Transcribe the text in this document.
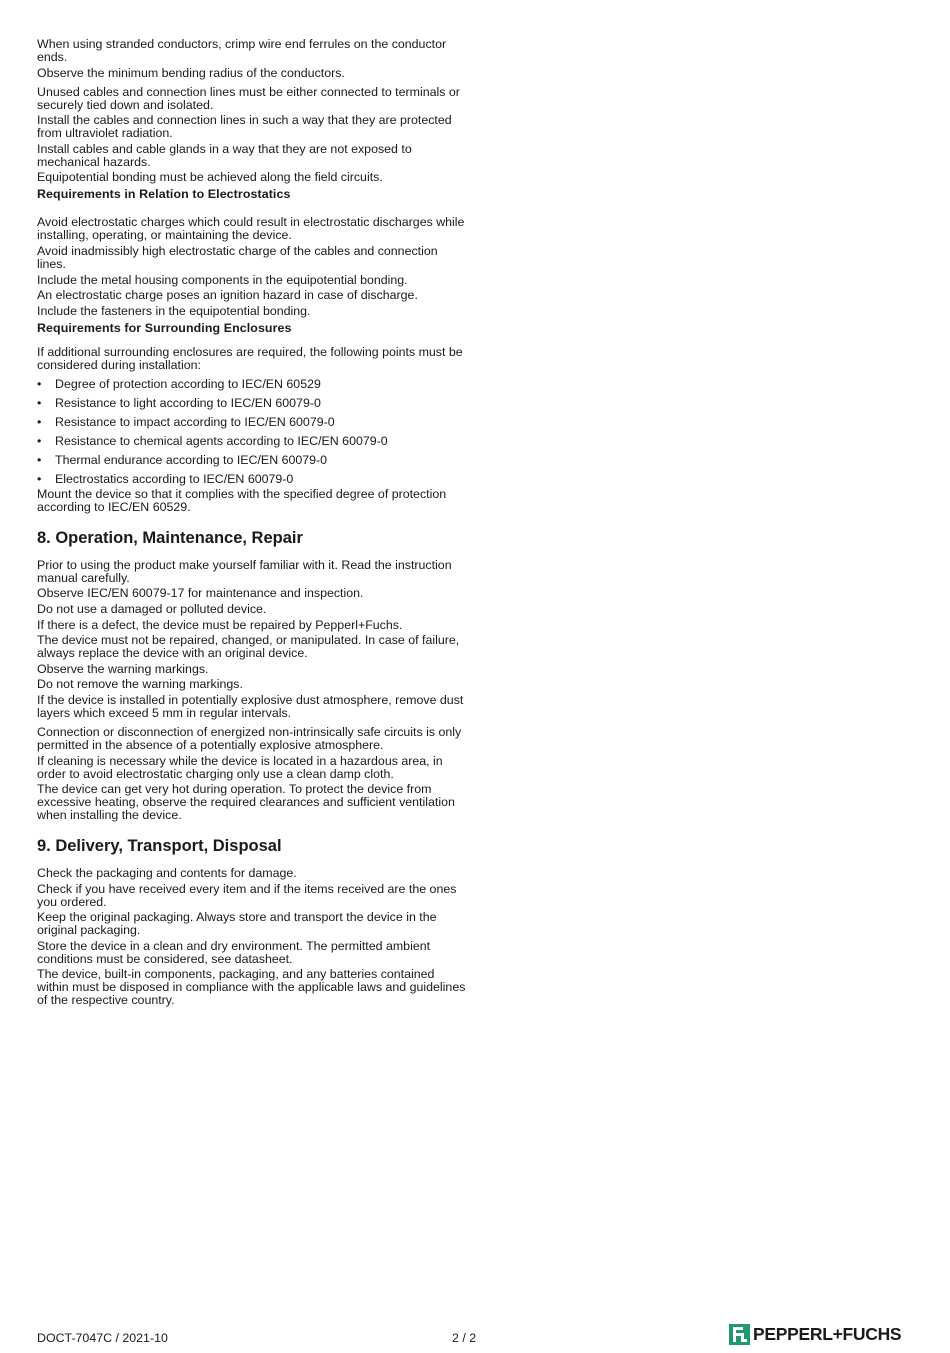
When using stranded conductors, crimp wire end ferrules on the conductor ends.

Observe the minimum bending radius of the conductors.

Unused cables and connection lines must be either connected to terminals or securely tied down and isolated.

Install the cables and connection lines in such a way that they are protected from ultraviolet radiation.

Install cables and cable glands in a way that they are not exposed to mechanical hazards.

Equipotential bonding must be achieved along the field circuits.

Requirements in Relation to Electrostatics

Avoid electrostatic charges which could result in electrostatic discharges while installing, operating, or maintaining the device.

Avoid inadmissibly high electrostatic charge of the cables and connection lines.

Include the metal housing components in the equipotential bonding.

An electrostatic charge poses an ignition hazard in case of discharge.

Include the fasteners in the equipotential bonding.

Requirements for Surrounding Enclosures

If additional surrounding enclosures are required, the following points must be considered during installation:

• Degree of protection according to IEC/EN 60529
• Resistance to light according to IEC/EN 60079-0
• Resistance to impact according to IEC/EN 60079-0
• Resistance to chemical agents according to IEC/EN 60079-0
• Thermal endurance according to IEC/EN 60079-0
• Electrostatics according to IEC/EN 60079-0

Mount the device so that it complies with the specified degree of protection according to IEC/EN 60529.

8. Operation, Maintenance, Repair

Prior to using the product make yourself familiar with it. Read the instruction manual carefully.

Observe IEC/EN 60079-17 for maintenance and inspection.

Do not use a damaged or polluted device.

If there is a defect, the device must be repaired by Pepperl+Fuchs.

The device must not be repaired, changed, or manipulated. In case of failure, always replace the device with an original device.

Observe the warning markings.

Do not remove the warning markings.

If the device is installed in potentially explosive dust atmosphere, remove dust layers which exceed 5 mm in regular intervals.

Connection or disconnection of energized non-intrinsically safe circuits is only permitted in the absence of a potentially explosive atmosphere.

If cleaning is necessary while the device is located in a hazardous area, in order to avoid electrostatic charging only use a clean damp cloth.

The device can get very hot during operation. To protect the device from excessive heating, observe the required clearances and sufficient ventilation when installing the device.

9. Delivery, Transport, Disposal

Check the packaging and contents for damage.

Check if you have received every item and if the items received are the ones you ordered.

Keep the original packaging. Always store and transport the device in the original packaging.

Store the device in a clean and dry environment. The permitted ambient conditions must be considered, see datasheet.

The device, built-in components, packaging, and any batteries contained within must be disposed in compliance with the applicable laws and guidelines of the respective country.

DOCT-7047C / 2021-10	2 / 2	PEPPERL+FUCHS
